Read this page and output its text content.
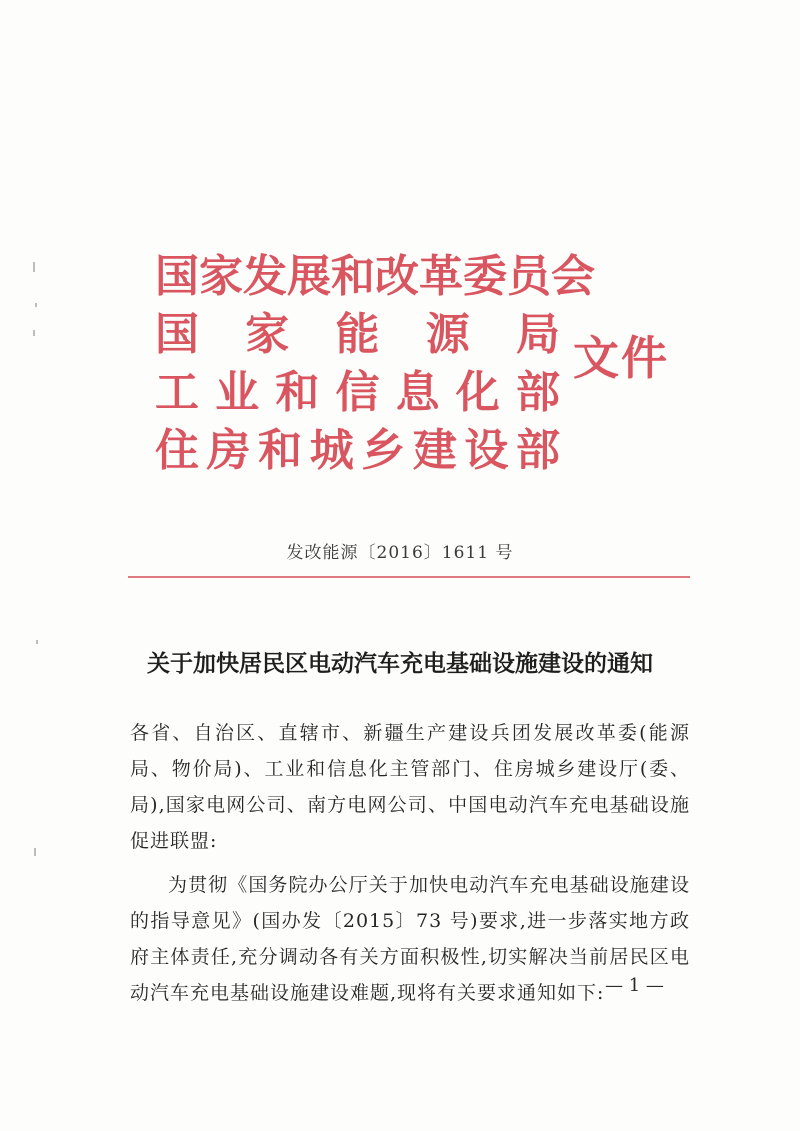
国家发展和改革委员会
国 家 能 源 局
工 业 和 信 息 化 部
住 房 和 城 乡 建 设 部
文件
发改能源〔2016〕1611 号
关于加快居民区电动汽车充电基础设施建设的通知

各省、自治区、直辖市、新疆生产建设兵团发展改革委(能源局、物价局)、工业和信息化主管部门、住房城乡建设厅(委、局),国家电网公司、南方电网公司、中国电动汽车充电基础设施促进联盟:

为贯彻《国务院办公厅关于加快电动汽车充电基础设施建设的指导意见》(国办发〔2015〕73 号)要求,进一步落实地方政府主体责任,充分调动各有关方面积极性,切实解决当前居民区电动汽车充电基础设施建设难题,现将有关要求通知如下: — 1 —
